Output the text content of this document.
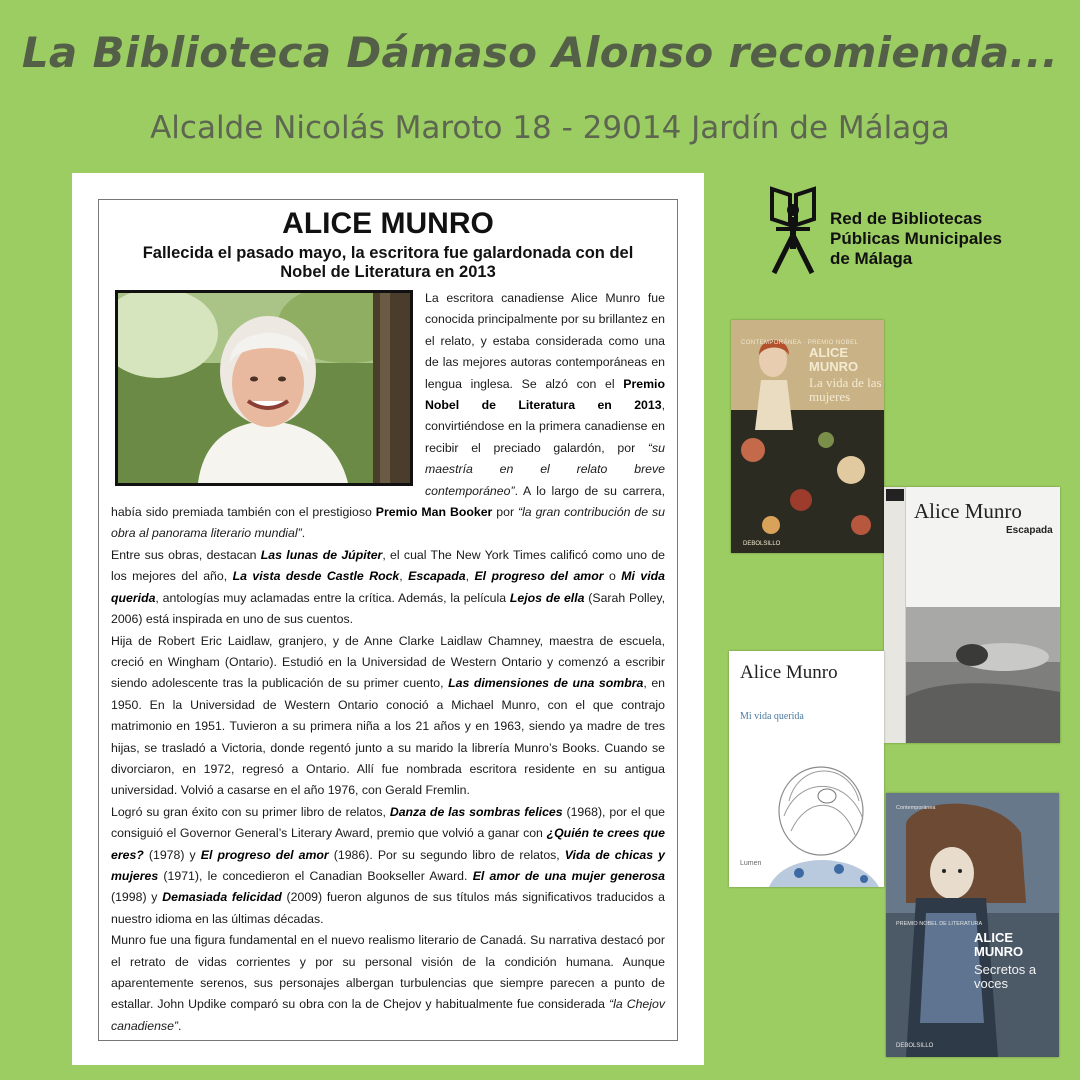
La Biblioteca Dámaso Alonso recomienda...
Alcalde Nicolás Maroto 18 - 29014 Jardín de Málaga
ALICE MUNRO
Fallecida el pasado mayo, la escritora fue galardonada con del Nobel de Literatura en 2013

La escritora canadiense Alice Munro fue conocida principalmente por su brillantez en el relato, y estaba considerada como una de las mejores autoras contemporáneas en lengua inglesa. Se alzó con el Premio Nobel de Literatura en 2013, convirtiéndose en la primera canadiense en recibir el preciado galardón, por “su maestría en el relato breve contemporáneo”. A lo largo de su carrera, había sido premiada también con el prestigioso Premio Man Booker por “la gran contribución de su obra al panorama literario mundial”.

Entre sus obras, destacan Las lunas de Júpiter, el cual The New York Times calificó como uno de los mejores del año, La vista desde Castle Rock, Escapada, El progreso del amor o Mi vida querida, antologías muy aclamadas entre la crítica. Además, la película Lejos de ella (Sarah Polley, 2006) está inspirada en uno de sus cuentos.

Hija de Robert Eric Laidlaw, granjero, y de Anne Clarke Laidlaw Chamney, maestra de escuela, creció en Wingham (Ontario). Estudió en la Universidad de Western Ontario y comenzó a escribir siendo adolescente tras la publicación de su primer cuento, Las dimensiones de una sombra, en 1950. En la Universidad de Western Ontario conoció a Michael Munro, con el que contrajo matrimonio en 1951. Tuvieron a su primera niña a los 21 años y en 1963, siendo ya madre de tres hijas, se trasladó a Victoria, donde regentó junto a su marido la librería Munro’s Books. Cuando se divorciaron, en 1972, regresó a Ontario. Allí fue nombrada escritora residente en su antigua universidad. Volvió a casarse en el año 1976, con Gerald Fremlin.

Logró su gran éxito con su primer libro de relatos, Danza de las sombras felices (1968), por el que consiguió el Governor General’s Literary Award, premio que volvió a ganar con ¿Quién te crees que eres? (1978) y El progreso del amor (1986). Por su segundo libro de relatos, Vida de chicas y mujeres (1971), le concedieron el Canadian Bookseller Award. El amor de una mujer generosa (1998) y Demasiada felicidad (2009) fueron algunos de sus títulos más significativos traducidos a nuestro idioma en las últimas décadas.

Munro fue una figura fundamental en el nuevo realismo literario de Canadá. Su narrativa destacó por el retrato de vidas corrientes y por su personal visión de la condición humana. Aunque aparentemente serenos, sus personajes albergan turbulencias que siempre parecen a punto de estallar. John Updike comparó su obra con la de Chejov y habitualmente fue considerada “la Chejov canadiense”.

Red de Bibliotecas
Públicas Municipales
de Málaga
CONTEMPORÁNEA · PREMIO NOBEL
ALICE MUNRO
La vida de las mujeres
DEBOLSILLO
Alice Munro
Escapada
Alice Munro
Mi vida querida
Lumen
Contemporánea
PREMIO NOBEL DE LITERATURA
ALICE MUNRO
Secretos a voces
DEBOLSILLO
